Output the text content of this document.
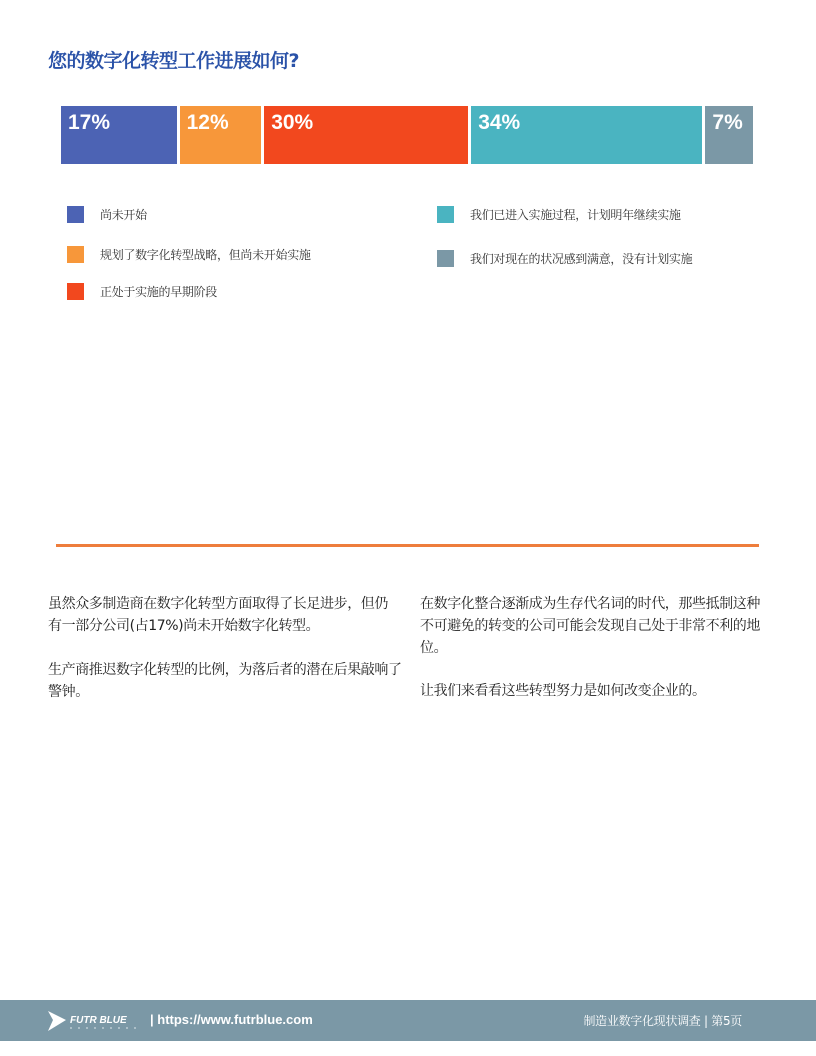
您的数字化转型工作进展如何?
17%	12% 30%	34%	7%
尚未开始
规划了数字化转型战略，但尚未开始实施
正处于实施的早期阶段
我们已进入实施过程，计划明年继续实施
我们对现在的状况感到满意，没有计划实施
虽然众多制造商在数字化转型方面取得了长足进步，但仍有一部分公司(占17%)尚未开始数字化转型。
生产商推迟数字化转型的比例，为落后者的潜在后果敲响了警钟。
在数字化整合逐渐成为生存代名词的时代，那些抵制这种不可避免的转变的公司可能会发现自己处于非常不利的地位。
让我们来看看这些转型努力是如何改变企业的。
FUTR BLUE | https://www.futrblue.com	制造业数字化现状调查 | 第5页
